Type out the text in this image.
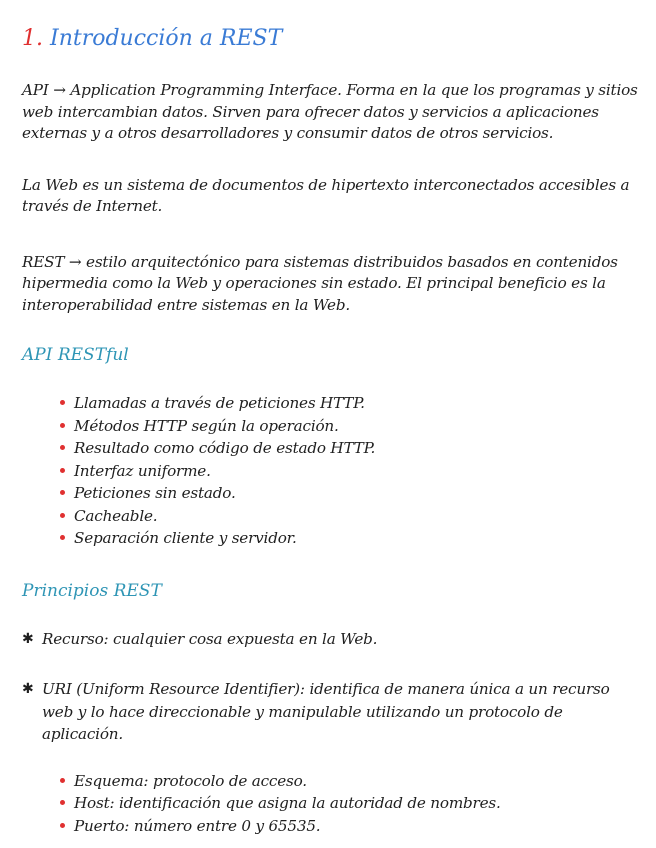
1. Introducción a REST

API → Application Programming Interface. Forma en la que los programas y sitios web intercambian datos. Sirven para ofrecer datos y servicios a aplicaciones externas y a otros desarrolladores y consumir datos de otros servicios.

La Web es un sistema de documentos de hipertexto interconectados accesibles a través de Internet.

REST → estilo arquitectónico para sistemas distribuidos basados en contenidos hipermedia como la Web y operaciones sin estado. El principal beneficio es la interoperabilidad entre sistemas en la Web.

API RESTful
Llamadas a través de peticiones HTTP.
Métodos HTTP según la operación.
Resultado como código de estado HTTP.
Interfaz uniforme.
Peticiones sin estado.
Cacheable.
Separación cliente y servidor.
Principios REST
✱ Recurso: cualquier cosa expuesta en la Web.
✱ URI (Uniform Resource Identifier): identifica de manera única a un recurso web y lo hace direccionable y manipulable utilizando un protocolo de aplicación.
Esquema: protocolo de acceso.
Host: identificación que asigna la autoridad de nombres.
Puerto: número entre 0 y 65535.
